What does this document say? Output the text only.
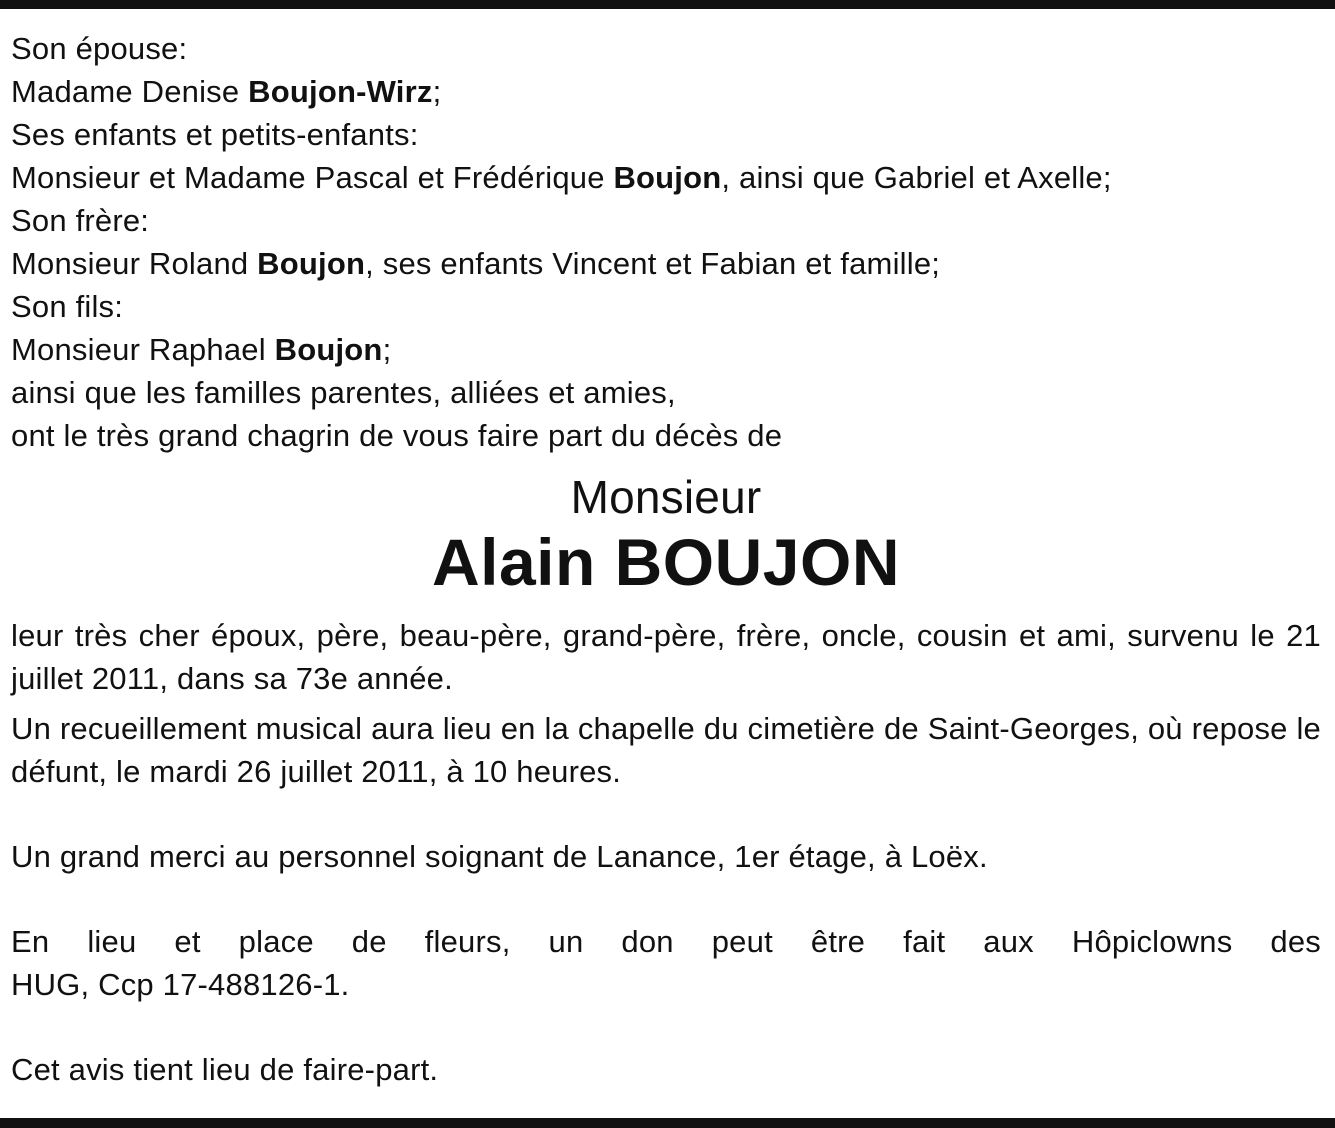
Son épouse:
Madame Denise Boujon-Wirz;
Ses enfants et petits-enfants:
Monsieur et Madame Pascal et Frédérique Boujon, ainsi que Gabriel et Axelle;
Son frère:
Monsieur Roland Boujon, ses enfants Vincent et Fabian et famille;
Son fils:
Monsieur Raphael Boujon;
ainsi que les familles parentes, alliées et amies,
ont le très grand chagrin de vous faire part du décès de
Monsieur
Alain BOUJON

leur très cher époux, père, beau-père, grand-père, frère, oncle, cousin et ami, survenu le 21 juillet 2011, dans sa 73e année.

Un recueillement musical aura lieu en la chapelle du cimetière de Saint-Georges, où repose le défunt, le mardi 26 juillet 2011, à 10 heures.

Un grand merci au personnel soignant de Lanance, 1er étage, à Loëx.
En lieu et place de fleurs, un don peut être fait aux Hôpiclowns des
HUG, Ccp 17-488126-1.
Cet avis tient lieu de faire-part.
